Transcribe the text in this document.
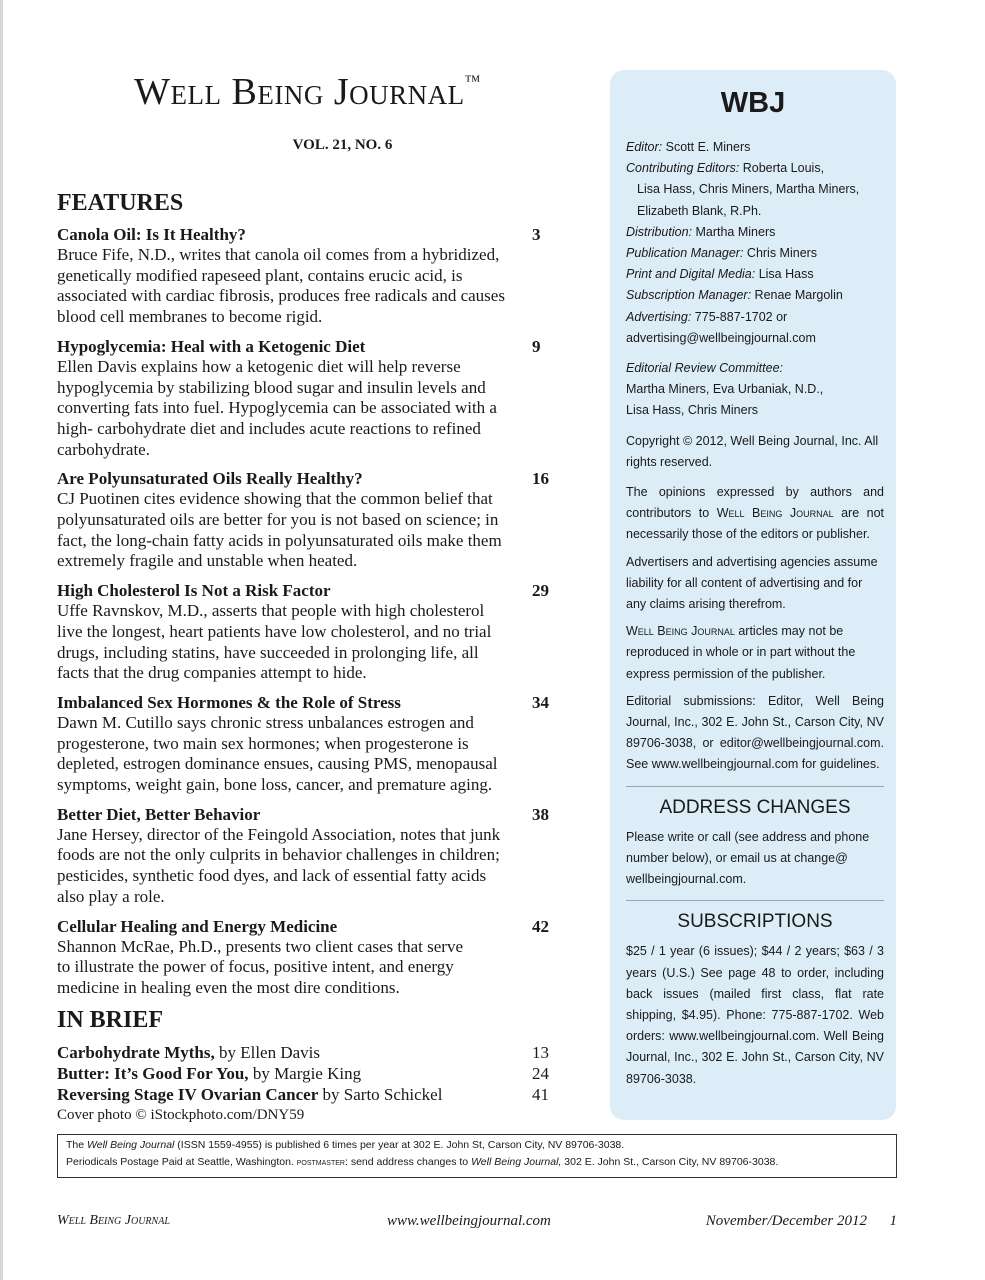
Well Being Journal™
VOL. 21, NO. 6
FEATURES
Canola Oil: Is It Healthy?	3
Bruce Fife, N.D., writes that canola oil comes from a hybridized, genetically modified rapeseed plant, contains erucic acid, is associated with cardiac fibrosis, produces free radicals and causes blood cell membranes to become rigid.
Hypoglycemia: Heal with a Ketogenic Diet	9
Ellen Davis explains how a ketogenic diet will help reverse hypoglycemia by stabilizing blood sugar and insulin levels and converting fats into fuel. Hypoglycemia can be associated with a high- carbohydrate diet and includes acute reactions to refined carbohydrate.
Are Polyunsaturated Oils Really Healthy?	16
CJ Puotinen cites evidence showing that the common belief that polyunsaturated oils are better for you is not based on science; in fact, the long-chain fatty acids in polyunsaturated oils make them extremely fragile and unstable when heated.
High Cholesterol Is Not a Risk Factor	29
Uffe Ravnskov, M.D., asserts that people with high cholesterol live the longest, heart patients have low cholesterol, and no trial drugs, including statins, have succeeded in prolonging life, all facts that the drug companies attempt to hide.
Imbalanced Sex Hormones & the Role of Stress	34
Dawn M. Cutillo says chronic stress unbalances estrogen and progesterone, two main sex hormones; when progesterone is depleted, estrogen dominance ensues, causing PMS, menopausal symptoms, weight gain, bone loss, cancer, and premature aging.
Better Diet, Better Behavior	38
Jane Hersey, director of the Feingold Association, notes that junk foods are not the only culprits in behavior challenges in children; pesticides, synthetic food dyes, and lack of essential fatty acids also play a role.
Cellular Healing and Energy Medicine	42
Shannon McRae, Ph.D., presents two client cases that serve to illustrate the power of focus, positive intent, and energy medicine in healing even the most dire conditions.
IN BRIEF
Carbohydrate Myths, by Ellen Davis	13
Butter: It’s Good For You, by Margie King	24
Reversing Stage IV Ovarian Cancer by Sarto Schickel	41
Cover photo © iStockphoto.com/DNY59
WBJ

Editor: Scott E. Miners

Contributing Editors: Roberta Louis,

Lisa Hass, Chris Miners, Martha Miners,

Elizabeth Blank, R.Ph.

Distribution: Martha Miners

Publication Manager: Chris Miners

Print and Digital Media: Lisa Hass

Subscription Manager: Renae Margolin

Advertising: 775-887-1702 or

advertising@wellbeingjournal.com

Editorial Review Committee:

Martha Miners, Eva Urbaniak, N.D.,

Lisa Hass, Chris Miners

Copyright © 2012, Well Being Journal, Inc. All rights reserved.

The opinions expressed by authors and contributors to Well Being Journal are not necessarily those of the editors or publisher.

Advertisers and advertising agencies assume liability for all content of advertising and for any claims arising therefrom.

Well Being Journal articles may not be reproduced in whole or in part without the express permission of the publisher.

Editorial submissions: Editor, Well Being Journal, Inc., 302 E. John St., Carson City, NV 89706-3038, or editor@wellbeingjournal.com. See www.wellbeingjournal.com for guidelines.

ADDRESS CHANGES

Please write or call (see address and phone number below), or email us at change@ wellbeingjournal.com.

SUBSCRIPTIONS

$25 / 1 year (6 issues); $44 / 2 years; $63 / 3 years (U.S.) See page 48 to order, including back issues (mailed first class, flat rate shipping, $4.95). Phone: 775-887-1702. Web orders: www.wellbeingjournal.com. Well Being Journal, Inc., 302 E. John St., Carson City, NV 89706-3038.

The Well Being Journal (ISSN 1559-4955) is published 6 times per year at 302 E. John St, Carson City, NV 89706-3038.
Periodicals Postage Paid at Seattle, Washington. postmaster: send address changes to Well Being Journal, 302 E. John St., Carson City, NV 89706-3038.
Well Being Journal	www.wellbeingjournal.com	November/December 2012      1
